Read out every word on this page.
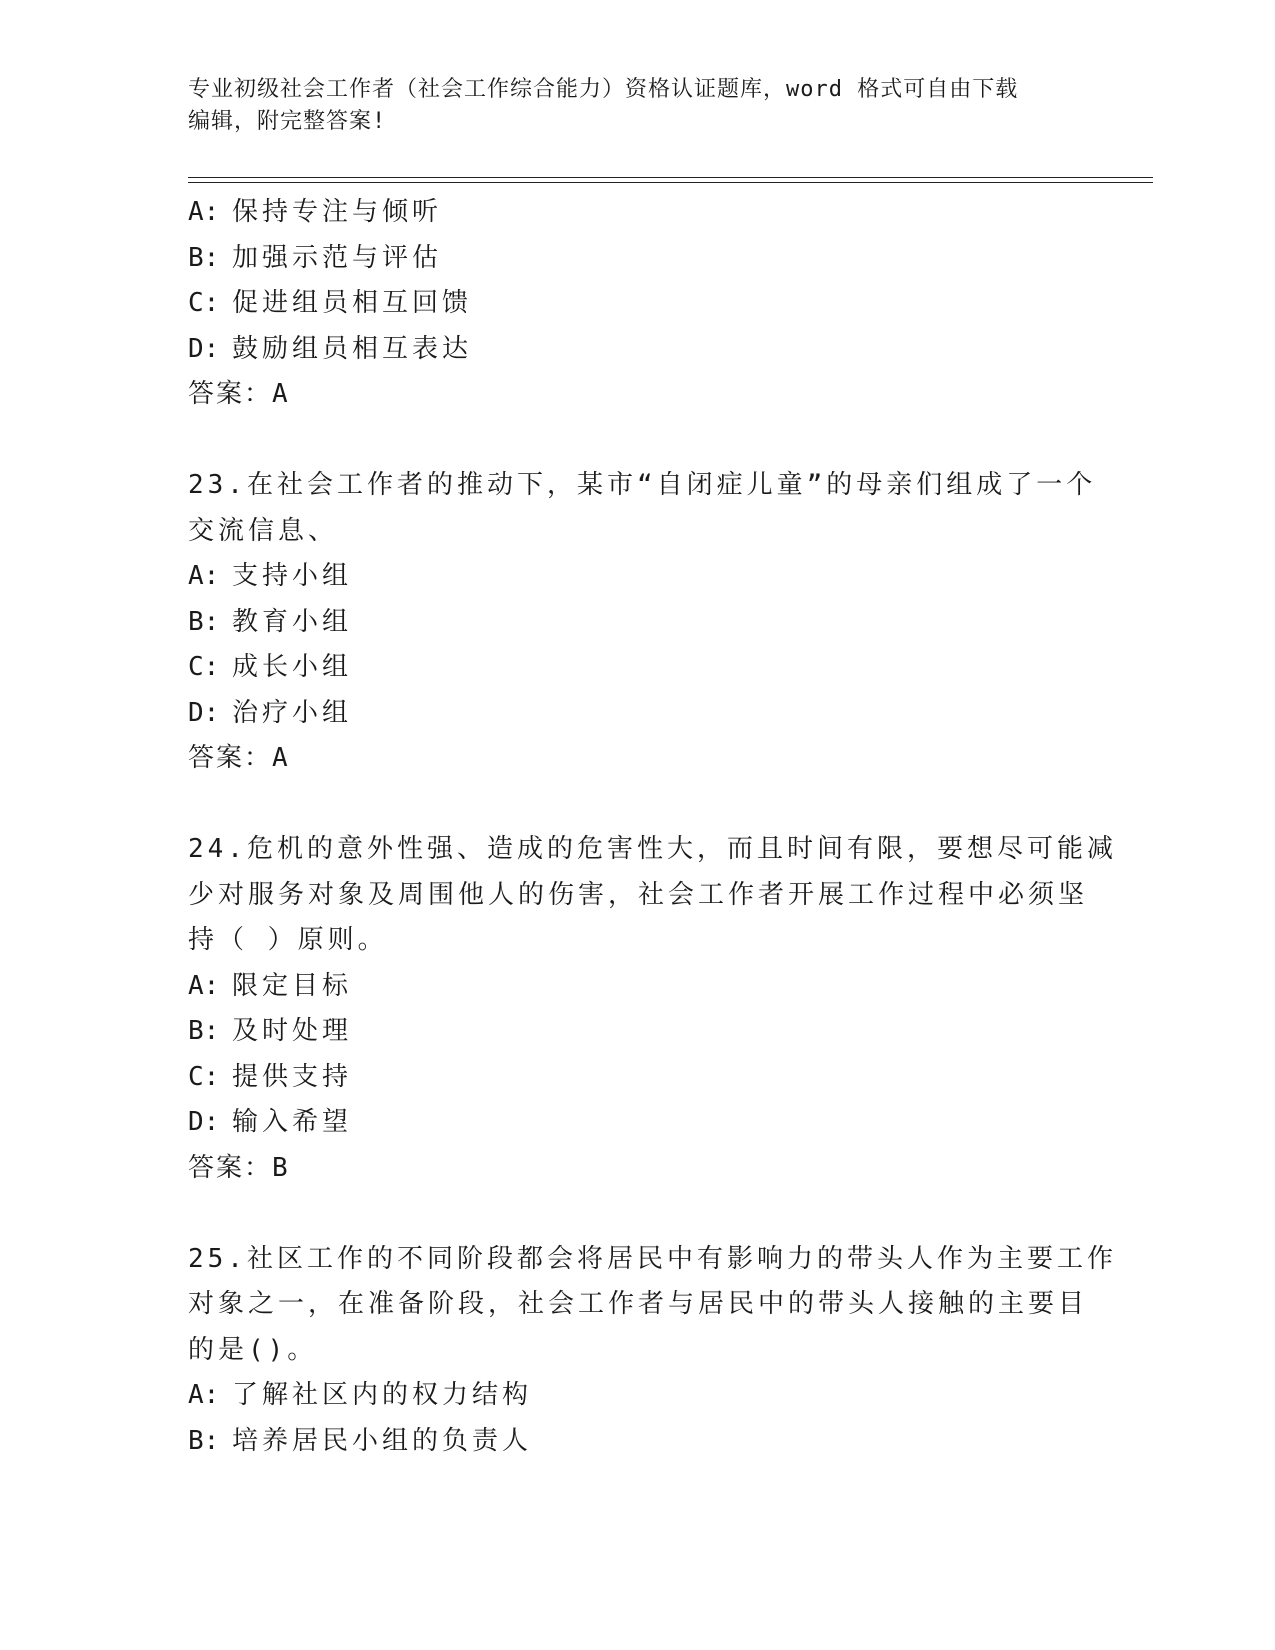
专业初级社会工作者（社会工作综合能力）资格认证题库，word 格式可自由下载
编辑，附完整答案!
A: 保持专注与倾听
B: 加强示范与评估
C: 促进组员相互回馈
D: 鼓励组员相互表达
答案：A
23.在社会工作者的推动下，某市“自闭症儿童”的母亲们组成了一个
交流信息、
A: 支持小组
B: 教育小组
C: 成长小组
D: 治疗小组
答案：A
24.危机的意外性强、造成的危害性大，而且时间有限，要想尽可能减
少对服务对象及周围他人的伤害，社会工作者开展工作过程中必须坚
持（ ）原则。
A: 限定目标
B: 及时处理
C: 提供支持
D: 输入希望
答案：B
25.社区工作的不同阶段都会将居民中有影响力的带头人作为主要工作
对象之一，在准备阶段，社会工作者与居民中的带头人接触的主要目
的是()。
A: 了解社区内的权力结构
B: 培养居民小组的负责人
